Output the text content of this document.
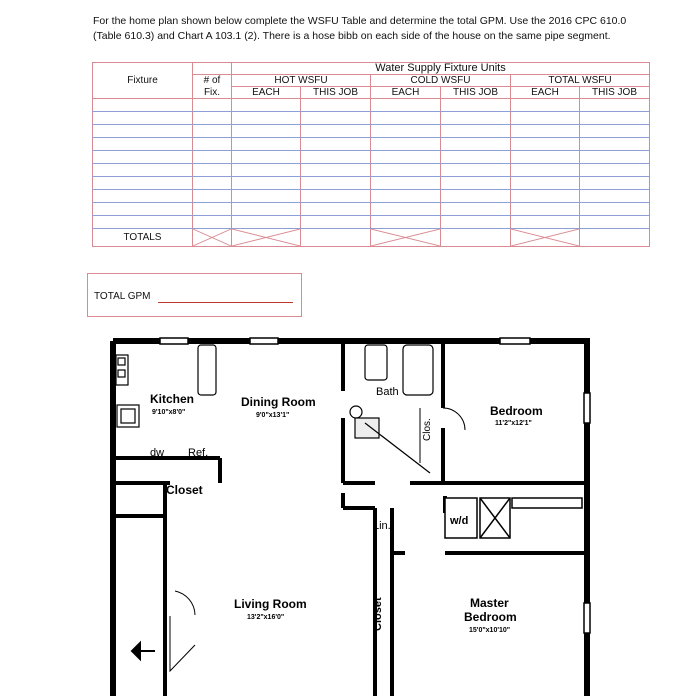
For the home plan shown below complete the WSFU Table and determine the total GPM. Use the 2016 CPC 610.0 (Table 610.3) and Chart A 103.1 (2). There is a hose bibb on each side of the house on the same pipe segment.
Fixture		Water Supply Fixture Units					
	# of	HOT WSFU		COLD WSFU		TOTAL WSFU	
	Fix.	EACH	THIS JOB	EACH	THIS JOB	EACH	THIS JOB

TOTALS	

TOTAL GPM
Kitchen
9'10"x8'0"
Dining Room
9'0"x13'1"
Bath
Clos.
Bedroom
11'2"x12'1"
dw Ref.
Closet
Lin.	w/d
Living Room
13'2"x16'0"	Closet	Master
Bedroom
15'0"x10'10"
